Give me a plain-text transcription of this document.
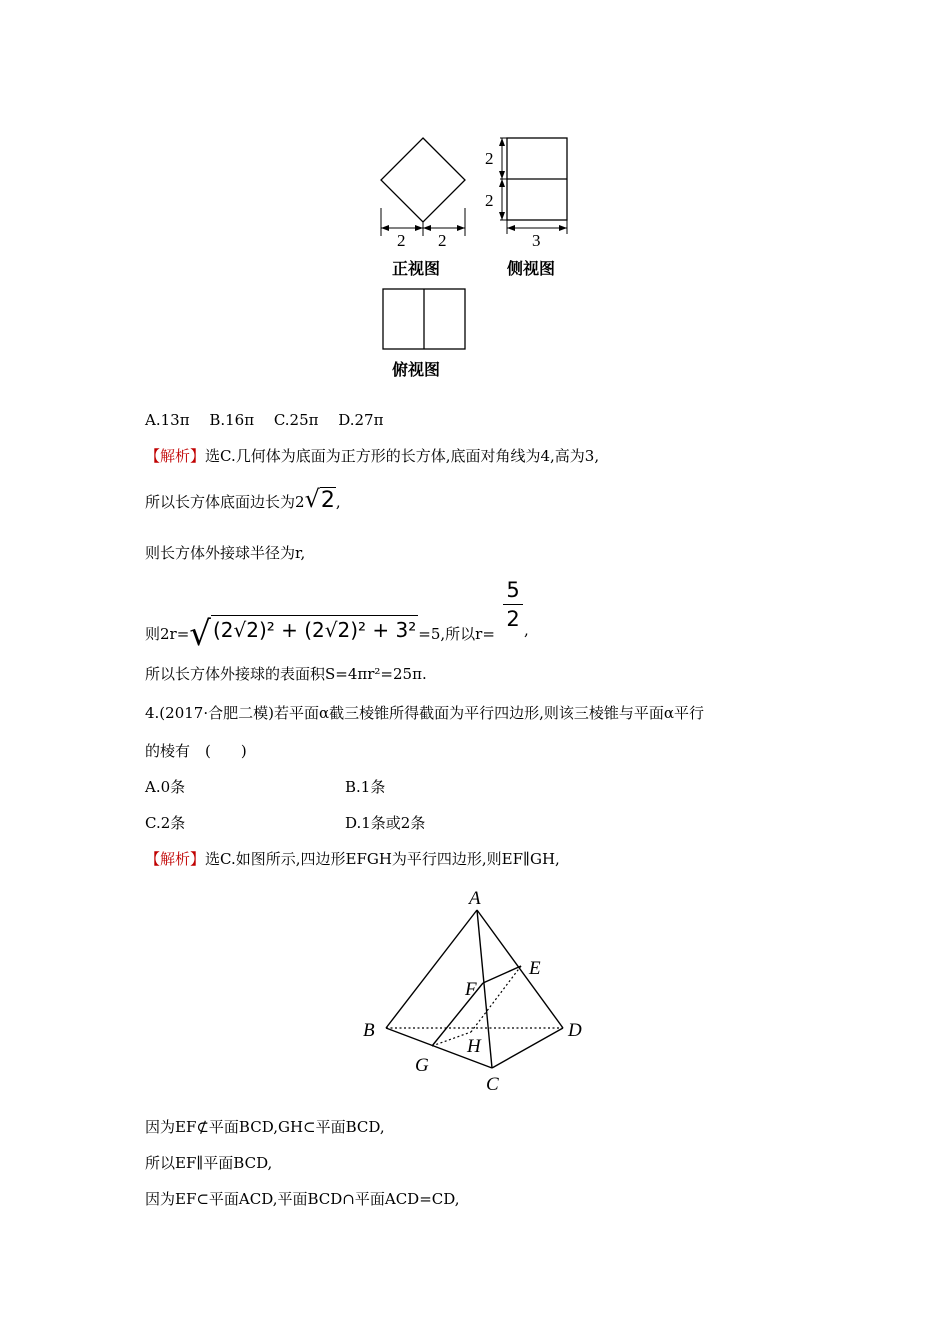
2 2
正视图
2
2
3
侧视图
俯视图
A.13π　 B.16π　 C.25π　 D.27π
【解析】选C.几何体为底面为正方形的长方体,底面对角线为4,高为3,
所以长方体底面边长为2√2,
则长方体外接球半径为r,
则2r=√ (2√2)² + (2√2)² + 3² =5,所以r=
5
2 ,
所以长方体外接球的表面积S=4πr²=25π.
4.(2017·合肥二模)若平面α截三棱锥所得截面为平行四边形,则该三棱锥与平面α平行
的棱有　(　　)
A.0条	B.1条
C.2条	D.1条或2条
【解析】选C.如图所示,四边形EFGH为平行四边形,则EF∥GH,
A
B
C
D
E
F
G
H
因为EF⊄平面BCD,GH⊂平面BCD,
所以EF∥平面BCD,
因为EF⊂平面ACD,平面BCD∩平面ACD=CD,
